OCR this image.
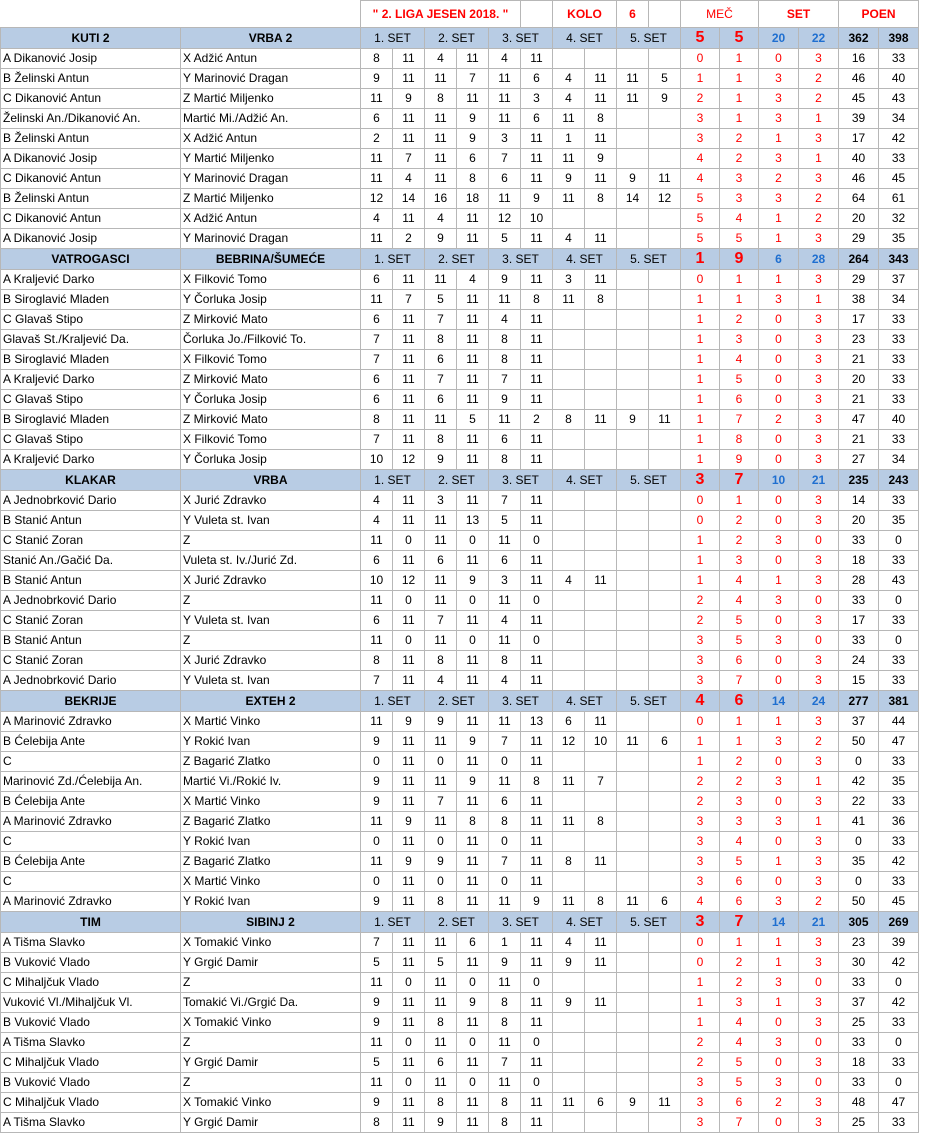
		" 2. LIGA JESEN 2018. "						KOLO		6		MEČ		SET		POEN	
KUTI 2	VRBA 2	1. SET		2. SET		3. SET		4. SET		5. SET		5	5	20	22	362	398
A Dikanović Josip	X Adžić Antun	8	11	4	11	4	11					0	1	0	3	16	33
B Želinski Antun	Y Marinović Dragan	9	11	11	7	11	6	4	11	11	5	1	1	3	2	46	40
C Dikanović Antun	Z Martić Miljenko	11	9	8	11	11	3	4	11	11	9	2	1	3	2	45	43
Želinski An./Dikanović An.	Martić Mi./Adžić An.	6	11	11	9	11	6	11	8			3	1	3	1	39	34
B Želinski Antun	X Adžić Antun	2	11	11	9	3	11	1	11			3	2	1	3	17	42
A Dikanović Josip	Y Martić Miljenko	11	7	11	6	7	11	11	9			4	2	3	1	40	33
C Dikanović Antun	Y Marinović Dragan	11	4	11	8	6	11	9	11	9	11	4	3	2	3	46	45
B Želinski Antun	Z Martić Miljenko	12	14	16	18	11	9	11	8	14	12	5	3	3	2	64	61
C Dikanović Antun	X Adžić Antun	4	11	4	11	12	10					5	4	1	2	20	32
A Dikanović Josip	Y Marinović Dragan	11	2	9	11	5	11	4	11			5	5	1	3	29	35
VATROGASCI	BEBRINA/ŠUMEĆE	1. SET		2. SET		3. SET		4. SET		5. SET		1	9	6	28	264	343
A Kraljević Darko	X Filković Tomo	6	11	11	4	9	11	3	11			0	1	1	3	29	37
B Siroglavić Mladen	Y Čorluka Josip	11	7	5	11	11	8	11	8			1	1	3	1	38	34
C Glavaš Stipo	Z Mirković Mato	6	11	7	11	4	11					1	2	0	3	17	33
Glavaš St./Kraljević Da.	Čorluka Jo./Filković To.	7	11	8	11	8	11					1	3	0	3	23	33
B Siroglavić Mladen	X Filković Tomo	7	11	6	11	8	11					1	4	0	3	21	33
A Kraljević Darko	Z Mirković Mato	6	11	7	11	7	11					1	5	0	3	20	33
C Glavaš Stipo	Y Čorluka Josip	6	11	6	11	9	11					1	6	0	3	21	33
B Siroglavić Mladen	Z Mirković Mato	8	11	11	5	11	2	8	11	9	11	1	7	2	3	47	40
C Glavaš Stipo	X Filković Tomo	7	11	8	11	6	11					1	8	0	3	21	33
A Kraljević Darko	Y Čorluka Josip	10	12	9	11	8	11					1	9	0	3	27	34
KLAKAR	VRBA	1. SET		2. SET		3. SET		4. SET		5. SET		3	7	10	21	235	243
A Jednobrković Dario	X Jurić Zdravko	4	11	3	11	7	11					0	1	0	3	14	33
B Stanić Antun	Y Vuleta st. Ivan	4	11	11	13	5	11					0	2	0	3	20	35
C Stanić Zoran	Z	11	0	11	0	11	0					1	2	3	0	33	0
Stanić An./Gačić Da.	Vuleta st. Iv./Jurić Zd.	6	11	6	11	6	11					1	3	0	3	18	33
B Stanić Antun	X Jurić Zdravko	10	12	11	9	3	11	4	11			1	4	1	3	28	43
A Jednobrković Dario	Z	11	0	11	0	11	0					2	4	3	0	33	0
C Stanić Zoran	Y Vuleta st. Ivan	6	11	7	11	4	11					2	5	0	3	17	33
B Stanić Antun	Z	11	0	11	0	11	0					3	5	3	0	33	0
C Stanić Zoran	X Jurić Zdravko	8	11	8	11	8	11					3	6	0	3	24	33
A Jednobrković Dario	Y Vuleta st. Ivan	7	11	4	11	4	11					3	7	0	3	15	33
BEKRIJE	EXTEH 2	1. SET		2. SET		3. SET		4. SET		5. SET		4	6	14	24	277	381
A Marinović Zdravko	X Martić Vinko	11	9	9	11	11	13	6	11			0	1	1	3	37	44
B Ćelebija Ante	Y Rokić Ivan	9	11	11	9	7	11	12	10	11	6	1	1	3	2	50	47
C	Z Bagarić Zlatko	0	11	0	11	0	11					1	2	0	3	0	33
Marinović Zd./Ćelebija An.	Martić Vi./Rokić Iv.	9	11	11	9	11	8	11	7			2	2	3	1	42	35
B Ćelebija Ante	X Martić Vinko	9	11	7	11	6	11					2	3	0	3	22	33
A Marinović Zdravko	Z Bagarić Zlatko	11	9	11	8	8	11	11	8			3	3	3	1	41	36
C	Y Rokić Ivan	0	11	0	11	0	11					3	4	0	3	0	33
B Ćelebija Ante	Z Bagarić Zlatko	11	9	9	11	7	11	8	11			3	5	1	3	35	42
C	X Martić Vinko	0	11	0	11	0	11					3	6	0	3	0	33
A Marinović Zdravko	Y Rokić Ivan	9	11	8	11	11	9	11	8	11	6	4	6	3	2	50	45
TIM	SIBINJ 2	1. SET		2. SET		3. SET		4. SET		5. SET		3	7	14	21	305	269
A Tišma Slavko	X Tomakić Vinko	7	11	11	6	1	11	4	11			0	1	1	3	23	39
B Vuković Vlado	Y Grgić Damir	5	11	5	11	9	11	9	11			0	2	1	3	30	42
C Mihaljčuk Vlado	Z	11	0	11	0	11	0					1	2	3	0	33	0
Vuković Vl./Mihaljčuk Vl.	Tomakić Vi./Grgić Da.	9	11	11	9	8	11	9	11			1	3	1	3	37	42
B Vuković Vlado	X Tomakić Vinko	9	11	8	11	8	11					1	4	0	3	25	33
A Tišma Slavko	Z	11	0	11	0	11	0					2	4	3	0	33	0
C Mihaljčuk Vlado	Y Grgić Damir	5	11	6	11	7	11					2	5	0	3	18	33
B Vuković Vlado	Z	11	0	11	0	11	0					3	5	3	0	33	0
C Mihaljčuk Vlado	X Tomakić Vinko	9	11	8	11	8	11	11	6	9	11	3	6	2	3	48	47
A Tišma Slavko	Y Grgić Damir	8	11	9	11	8	11					3	7	0	3	25	33
